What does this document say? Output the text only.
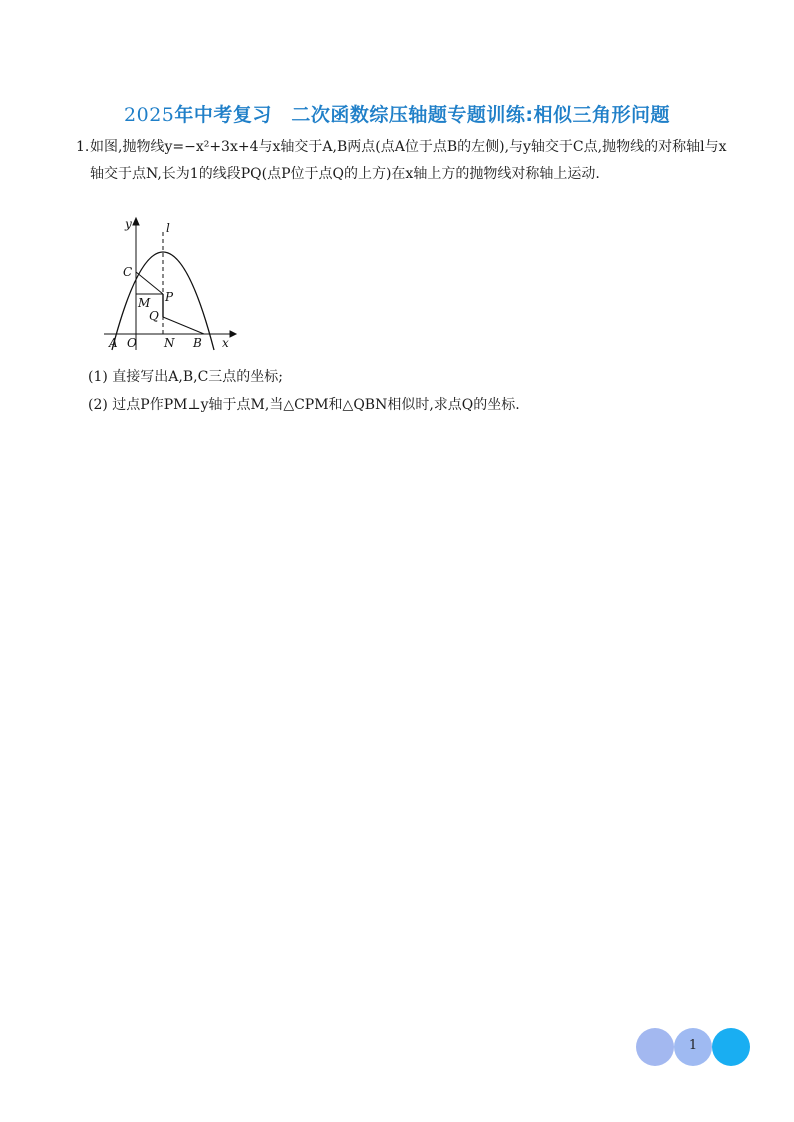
2025年中考复习　二次函数综压轴题专题训练:相似三角形问题
1. 如图,抛物线y=−x²+3x+4与x轴交于A,B两点(点A位于点B的左侧),与y轴交于C点,抛物线的对称轴l与x轴交于点N,长为1的线段PQ(点P位于点Q的上方)在x轴上方的抛物线对称轴上运动.
y	l
C
M P
Q
A O N B x
(1) 直接写出A,B,C三点的坐标;
(2) 过点P作PM⊥y轴于点M,当△CPM和△QBN相似时,求点Q的坐标.
1
